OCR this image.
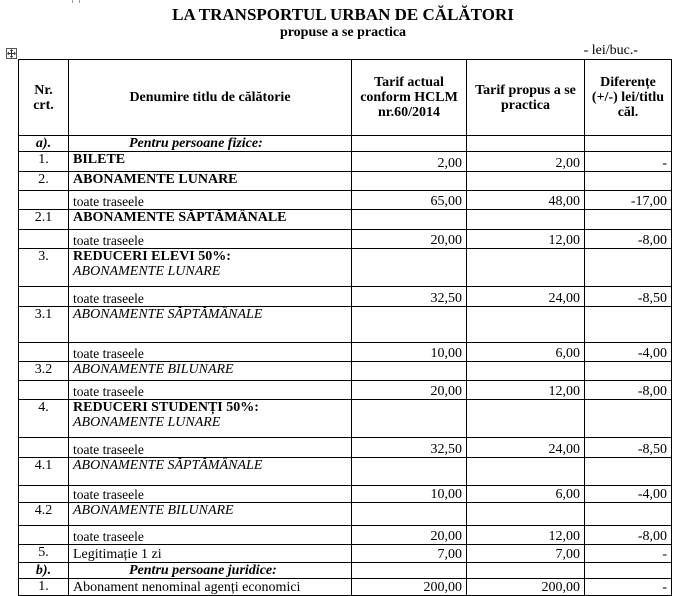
LA TRANSPORTUL URBAN DE CĂLĂTORI
propuse a se practica
- lei/buc.-
Nr. crt.	Denumire titlu de călătorie	Tarif actual conform HCLM nr.60/2014	Tarif propus a se practica	Diferențe (+/-) lei/titlu căl.
a).	Pentru persoane fizice:			
1.	BILETE	2,00	2,00	-
2.	ABONAMENTE LUNARE			
	toate traseele	65,00	48,00	-17,00
2.1	ABONAMENTE SĂPTĂMÂNALE			
	toate traseele	20,00	12,00	-8,00
3.	REDUCERI ELEVI 50%:
ABONAMENTE LUNARE			

	toate traseele	32,50	24,00	-8,50
3.1	ABONAMENTE SĂPTĂMÂNALE			
	toate traseele	10,00	6,00	-4,00
3.2	ABONAMENTE BILUNARE			
	toate traseele	20,00	12,00	-8,00
4.	REDUCERI STUDENȚI 50%:
ABONAMENTE LUNARE			

	toate traseele	32,50	24,00	-8,50
4.1	ABONAMENTE SĂPTĂMÂNALE			
	toate traseele	10,00	6,00	-4,00
4.2	ABONAMENTE BILUNARE			
	toate traseele	20,00	12,00	-8,00
5.	Legitimație 1 zi	7,00	7,00	-
b).	Pentru persoane juridice:			
1.	Abonament nenominal agenți economici	200,00	200,00	-
